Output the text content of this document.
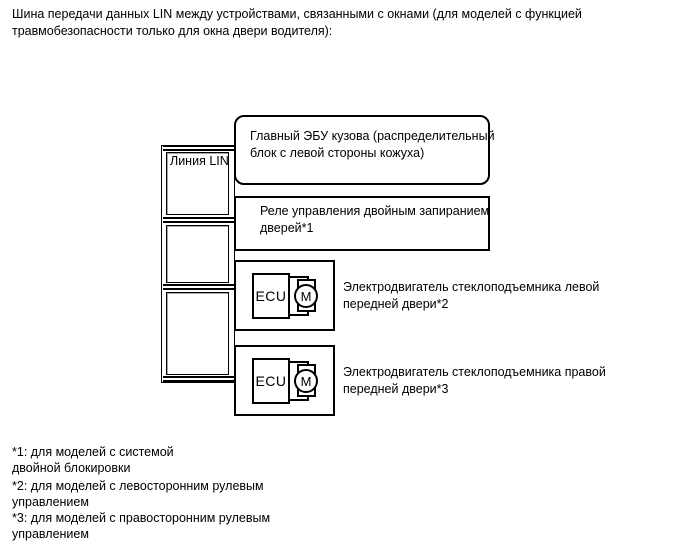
Шина передачи данных LIN между устройствами, связанными с окнами (для моделей с функцией
травмобезопасности только для окна двери водителя):
Линия LIN
Главный ЭБУ кузова (распределительный
блок с левой стороны кожуха)
Реле управления двойным запиранием
дверей*1
M
ECU
Электродвигатель стеклоподъемника левой
передней двери*2
M
ECU
Электродвигатель стеклоподъемника правой
передней двери*3
*1: для моделей с системой
двойной блокировки
*2: для моделей с левосторонним рулевым
управлением
*3: для моделей с правосторонним рулевым
управлением
